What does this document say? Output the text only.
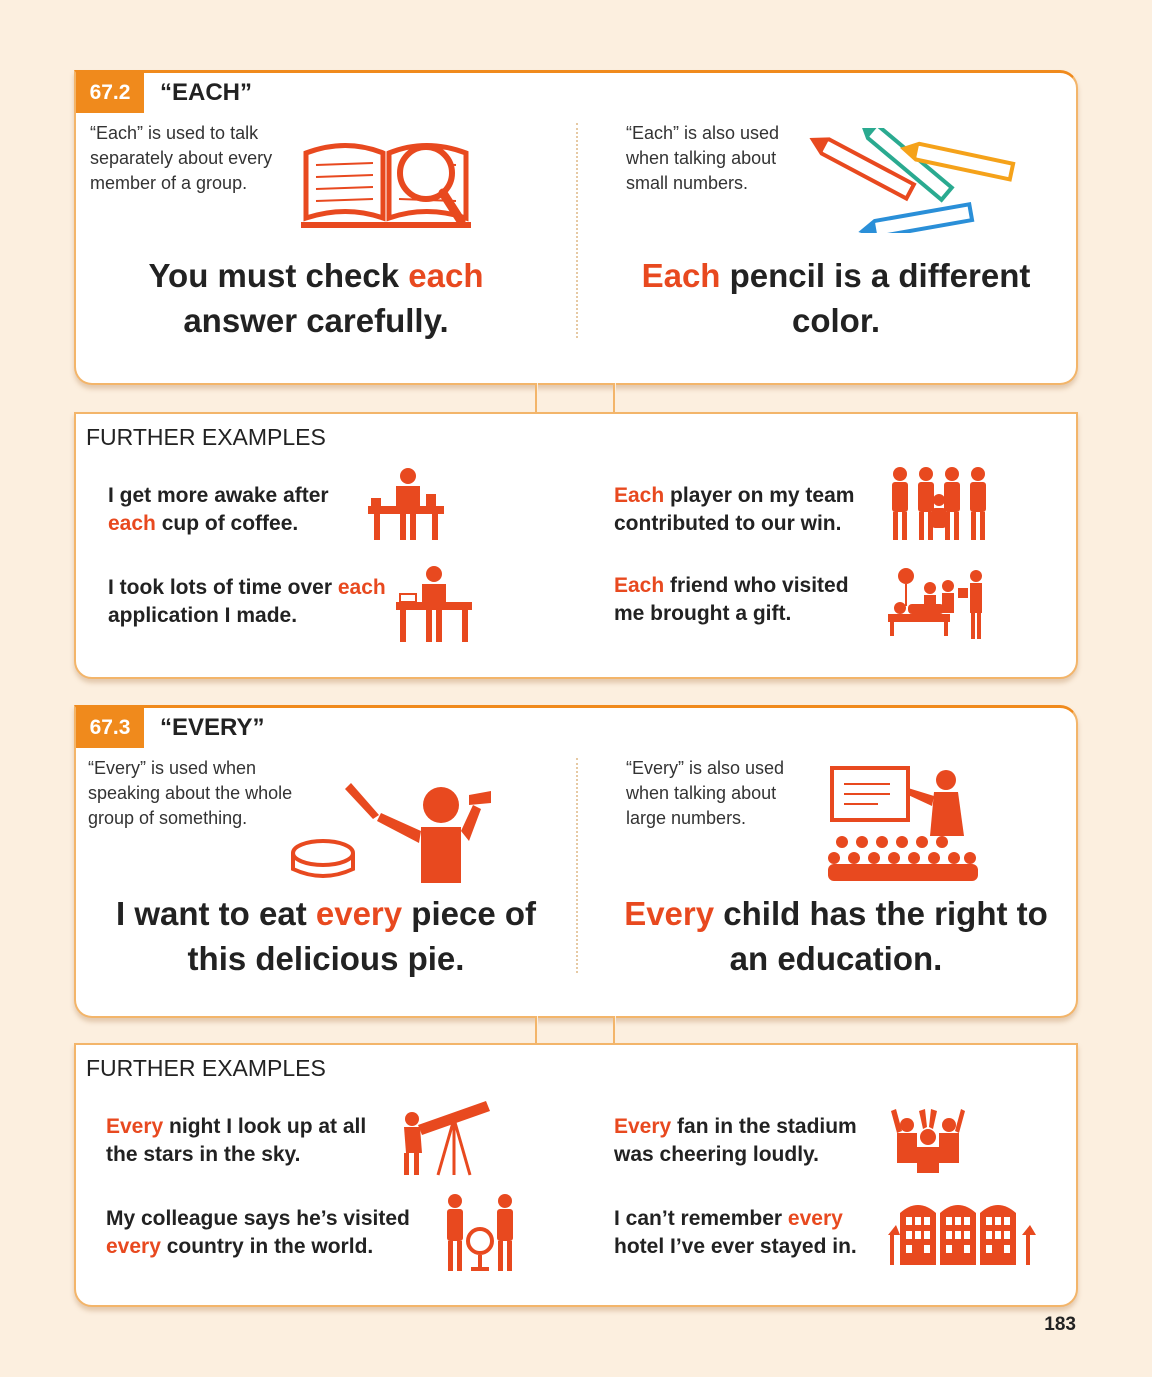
67.2	“EACH”
“Each” is used to talk separately about every member of a group.
You must check each answer carefully.
“Each” is also used when talking about small numbers.
Each pencil is a different color.
FURTHER EXAMPLES
I get more awake after each cup of coffee.
I took lots of time over each application I made.
Each player on my team contributed to our win.
Each friend who visited me brought a gift.
67.3	“EVERY”
“Every” is used when speaking about the whole group of something.
I want to eat every piece of this delicious pie.
“Every” is also used when talking about large numbers.
Every child has the right to an education.
FURTHER EXAMPLES
Every night I look up at all the stars in the sky.
My colleague says he’s visited every country in the world.
Every fan in the stadium was cheering loudly.
I can’t remember every hotel I’ve ever stayed in.
183
